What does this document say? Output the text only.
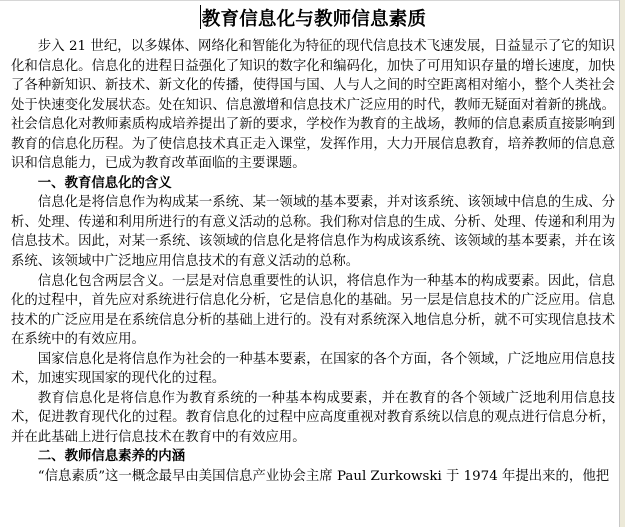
教育信息化与教师信息素质

步入 21 世纪，以多媒体、网络化和智能化为特征的现代信息技术飞速发展，日益显示了它的知识化和信息化。信息化的进程日益强化了知识的数字化和编码化，加快了可用知识存量的增长速度，加快了各种新知识、新技术、新文化的传播，使得国与国、人与人之间的时空距离相对缩小，整个人类社会处于快速变化发展状态。处在知识、信息激增和信息技术广泛应用的时代，教师无疑面对着新的挑战。社会信息化对教师素质构成培养提出了新的要求，学校作为教育的主战场，教师的信息素质直接影响到教育的信息化历程。为了使信息技术真正走入课堂，发挥作用，大力开展信息教育，培养教师的信息意识和信息能力，已成为教育改革面临的主要课题。

一、教育信息化的含义

信息化是将信息作为构成某一系统、某一领域的基本要素，并对该系统、该领域中信息的生成、分析、处理、传递和利用所进行的有意义活动的总称。我们称对信息的生成、分析、处理、传递和利用为信息技术。因此，对某一系统、该领域的信息化是将信息作为构成该系统、该领域的基本要素，并在该系统、该领域中广泛地应用信息技术的有意义活动的总称。

信息化包含两层含义。一层是对信息重要性的认识，将信息作为一种基本的构成要素。因此，信息化的过程中，首先应对系统进行信息化分析，它是信息化的基础。另一层是信息技术的广泛应用。信息技术的广泛应用是在系统信息分析的基础上进行的。没有对系统深入地信息分析，就不可实现信息技术在系统中的有效应用。

国家信息化是将信息作为社会的一种基本要素，在国家的各个方面，各个领域，广泛地应用信息技术，加速实现国家的现代化的过程。

教育信息化是将信息作为教育系统的一种基本构成要素，并在教育的各个领域广泛地利用信息技术，促进教育现代化的过程。教育信息化的过程中应高度重视对教育系统以信息的观点进行信息分析，并在此基础上进行信息技术在教育中的有效应用。

二、教师信息素养的内涵

“信息素质”这一概念最早由美国信息产业协会主席 Paul Zurkowski 于 1974 年提出来的，他把
